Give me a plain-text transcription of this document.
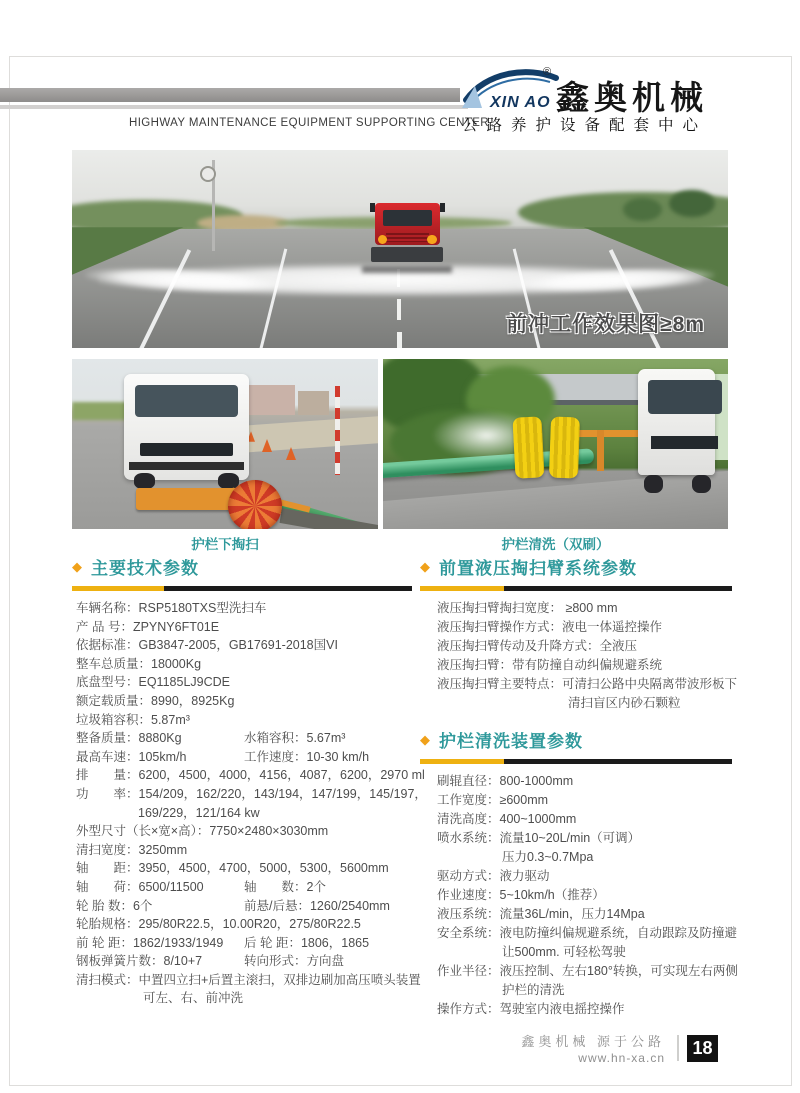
XIN AO
®
鑫奥机械
HIGHWAY MAINTENANCE EQUIPMENT SUPPORTING CENTER
公路养护设备配套中心
前冲工作效果图≥8m
护栏下掏扫	护栏清洗（双刷）
◆ 主要技术参数
车辆名称：RSP5180TXS型洗扫车
产 品 号：ZPYNY6FT01E
依据标准：GB3847-2005，GB17691-2018国VI
整车总质量：18000Kg
底盘型号：EQ1185LJ9CDE
额定载质量：8990，8925Kg
垃圾箱容积：5.87m³
整备质量：8880Kg	水箱容积：5.67m³
最高车速：105km/h	工作速度：10-30 km/h
排　　量：6200，4500，4000，4156，4087，6200，2970 ml
功　　率：154/209，162/220，143/194，147/199，145/197，
169/229，121/164 kw
外型尺寸（长×宽×高）：7750×2480×3030mm
清扫宽度：3250mm
轴　　距：3950，4500，4700，5000，5300，5600mm
轴　　荷：6500/11500	轴　　数：2个
轮 胎 数：6个	前悬/后悬：1260/2540mm
轮胎规格：295/80R22.5，10.00R20，275/80R22.5
前 轮 距：1862/1933/1949	后 轮 距：1806，1865
钢板弹簧片数：8/10+7	转向形式：方向盘
清扫模式：中置四立扫+后置主滚扫，双排边刷加高压喷头装置
可左、右、前冲洗
◆ 前置液压掏扫臂系统参数
液压掏扫臂掏扫宽度： ≥800 mm
液压掏扫臂操作方式：液电一体遥控操作
液压掏扫臂传动及升降方式：全液压
液压掏扫臂：带有防撞自动纠偏规避系统
液压掏扫臂主要特点：可清扫公路中央隔离带波形板下
清扫盲区内砂石颗粒
◆ 护栏清洗装置参数
刷辊直径：800-1000mm
工作宽度：≥600mm
清洗高度：400~1000mm
喷水系统：流量10~20L/min（可调）
压力0.3~0.7Mpa
驱动方式：液力驱动
作业速度：5~10km/h（推荐）
液压系统：流量36L/min，压力14Mpa
安全系统：液电防撞纠偏规避系统，自动跟踪及防撞避
让500mm. 可轻松驾驶
作业半径：液压控制、左右180°转换，可实现左右两侧
护栏的清洗
操作方式：驾驶室内液电摇控操作
鑫奥机械 源于公路
www.hn-xa.cn
18
